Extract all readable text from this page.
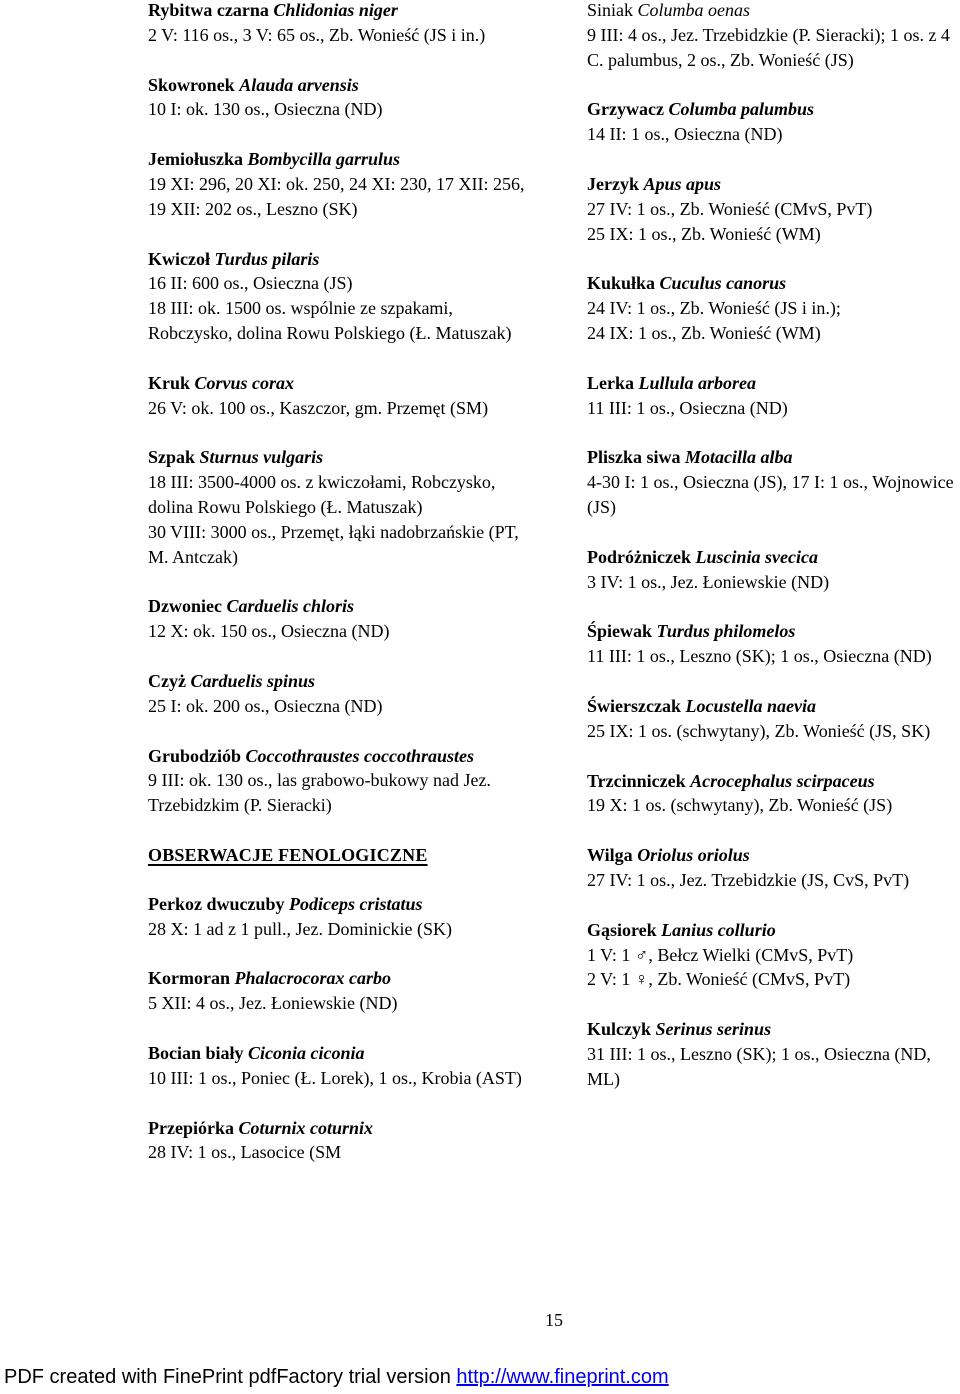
Rybitwa czarna Chlidonias niger
2 V: 116 os., 3 V: 65 os., Zb. Wonieść (JS i in.)
Skowronek Alauda arvensis
10 I: ok. 130 os., Osieczna (ND)
Jemiołuszka Bombycilla garrulus
19 XI: 296, 20 XI: ok. 250, 24 XI: 230, 17 XII: 256, 19 XII: 202 os., Leszno (SK)
Kwiczoł Turdus pilaris
16 II: 600 os., Osieczna (JS)
18 III: ok. 1500 os. wspólnie ze szpakami, Robczysko, dolina Rowu Polskiego (Ł. Matuszak)
Kruk Corvus corax
26 V: ok. 100 os., Kaszczor, gm. Przemęt (SM)
Szpak Sturnus vulgaris
18 III: 3500-4000 os. z kwiczołami, Robczysko, dolina Rowu Polskiego (Ł. Matuszak)
30 VIII: 3000 os., Przemęt, łąki nadobrzańskie (PT, M. Antczak)
Dzwoniec Carduelis chloris
12 X: ok. 150 os., Osieczna (ND)
Czyż Carduelis spinus
25 I: ok. 200 os., Osieczna (ND)
Grubodziób Coccothraustes coccothraustes
9 III: ok. 130 os., las grabowo-bukowy nad Jez. Trzebidzkim (P. Sieracki)
OBSERWACJE FENOLOGICZNE
Perkoz dwuczuby Podiceps cristatus
28 X: 1 ad z 1 pull., Jez. Dominickie (SK)
Kormoran Phalacrocorax carbo
5 XII: 4 os., Jez. Łoniewskie (ND)
Bocian biały Ciconia ciconia
10 III: 1 os., Poniec (Ł. Lorek), 1 os., Krobia (AST)
Przepiórka Coturnix coturnix
28 IV: 1 os., Lasocice (SM
Siniak Columba oenas
9 III: 4 os., Jez. Trzebidzkie (P. Sieracki); 1 os. z 4 C. palumbus, 2 os., Zb. Wonieść (JS)
Grzywacz Columba palumbus
14 II: 1 os., Osieczna (ND)
Jerzyk Apus apus
27 IV: 1 os., Zb. Wonieść (CMvS, PvT)
25 IX: 1 os., Zb. Wonieść (WM)
Kukułka Cuculus canorus
24 IV: 1 os., Zb. Wonieść (JS i in.);
24 IX: 1 os., Zb. Wonieść (WM)
Lerka Lullula arborea
11 III: 1 os., Osieczna (ND)
Pliszka siwa Motacilla alba
4-30 I: 1 os., Osieczna (JS), 17 I: 1 os., Wojnowice (JS)
Podróżniczek Luscinia svecica
3 IV: 1 os., Jez. Łoniewskie (ND)
Śpiewak Turdus philomelos
11 III: 1 os., Leszno (SK); 1 os., Osieczna (ND)
Świerszczak Locustella naevia
25 IX: 1 os. (schwytany), Zb. Wonieść (JS, SK)
Trzcinniczek Acrocephalus scirpaceus
19 X: 1 os. (schwytany), Zb. Wonieść (JS)
Wilga Oriolus oriolus
27 IV: 1 os., Jez. Trzebidzkie (JS, CvS, PvT)
Gąsiorek Lanius collurio
1 V: 1 ♂, Bełcz Wielki (CMvS, PvT)
2 V: 1 ♀, Zb. Wonieść (CMvS, PvT)
Kulczyk Serinus serinus
31 III: 1 os., Leszno (SK); 1 os., Osieczna (ND, ML)
15
PDF created with FinePrint pdfFactory trial version http://www.fineprint.com
